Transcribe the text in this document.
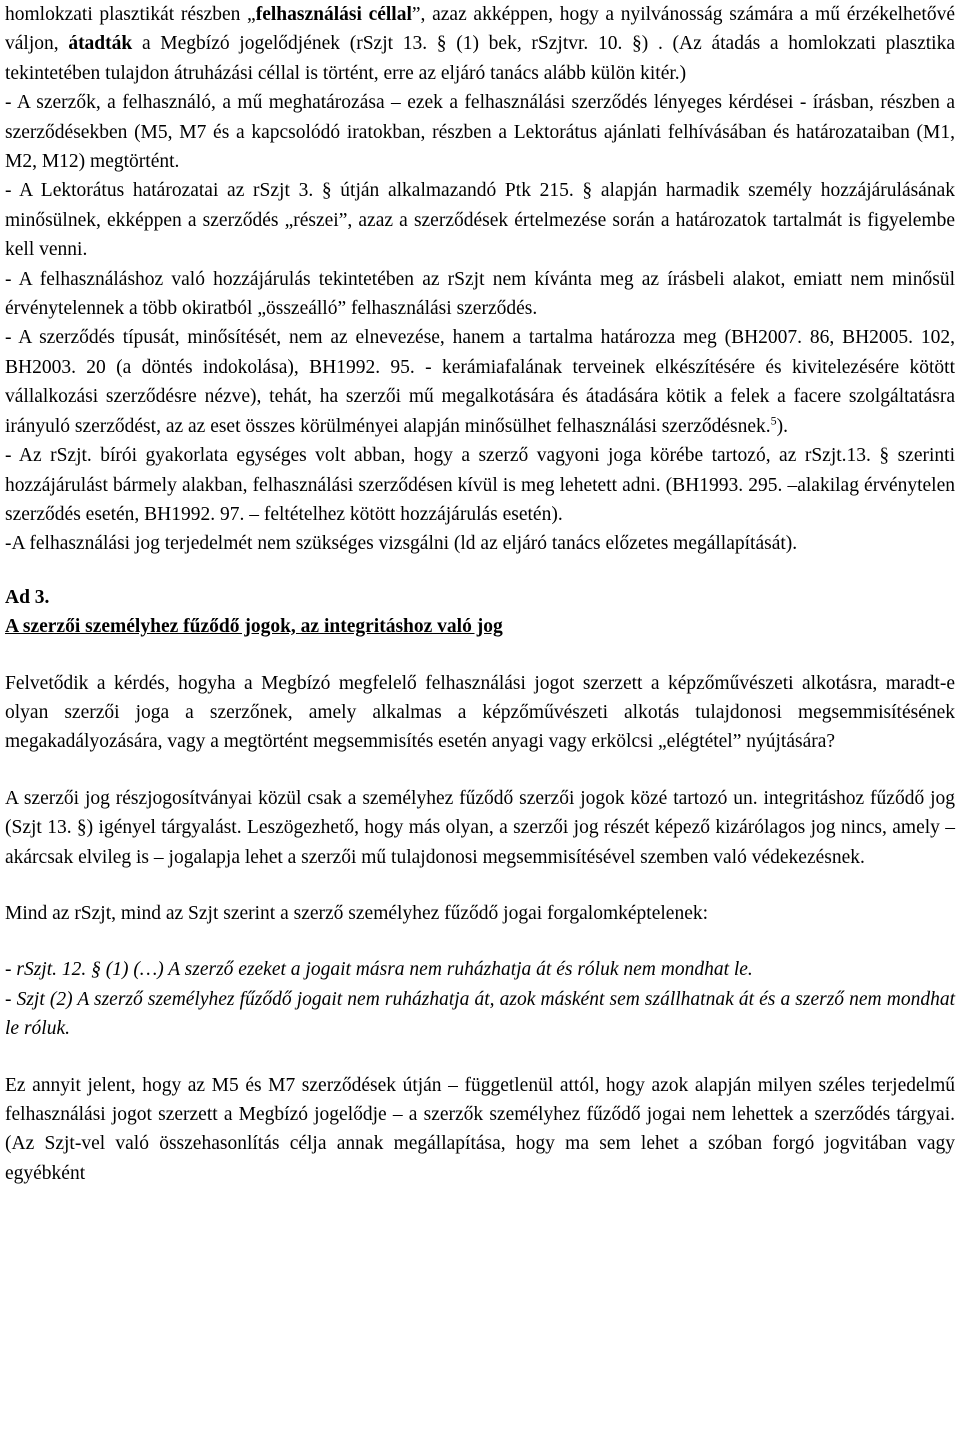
homlokzati plasztikát részben „felhasználási céllal”, azaz akképpen, hogy a nyilvánosság számára a mű érzékelhetővé váljon, átadták a Megbízó jogelődjének (rSzjt 13. § (1) bek, rSzjtvr. 10. §) . (Az átadás a homlokzati plasztika tekintetében tulajdon átruházási céllal is történt, erre az eljáró tanács alább külön kitér.)

- A szerzők, a felhasználó, a mű meghatározása – ezek a felhasználási szerződés lényeges kérdései - írásban, részben a szerződésekben (M5, M7 és a kapcsolódó iratokban, részben a Lektorátus ajánlati felhívásában és határozataiban (M1, M2, M12) megtörtént.

- A Lektorátus határozatai az rSzjt 3. § útján alkalmazandó Ptk 215. § alapján harmadik személy hozzájárulásának minősülnek, ekképpen a szerződés „részei”, azaz a szerződések értelmezése során a határozatok tartalmát is figyelembe kell venni.

- A felhasználáshoz való hozzájárulás tekintetében az rSzjt nem kívánta meg az írásbeli alakot, emiatt nem minősül érvénytelennek a több okiratból „összeálló” felhasználási szerződés.

- A szerződés típusát, minősítését, nem az elnevezése, hanem a tartalma határozza meg (BH2007. 86, BH2005. 102, BH2003. 20 (a döntés indokolása), BH1992. 95. - kerámiafalának terveinek elkészítésére és kivitelezésére kötött vállalkozási szerződésre nézve), tehát, ha szerzői mű megalkotására és átadására kötik a felek a facere szolgáltatásra irányuló szerződést, az az eset összes körülményei alapján minősülhet felhasználási szerződésnek.$^5$).

- Az rSzjt. bírói gyakorlata egységes volt abban, hogy a szerző vagyoni joga körébe tartozó, az rSzjt.13. § szerinti hozzájárulást bármely alakban, felhasználási szerződésen kívül is meg lehetett adni. (BH1993. 295. –alakilag érvénytelen szerződés esetén, BH1992. 97. – feltételhez kötött hozzájárulás esetén).

-A felhasználási jog terjedelmét nem szükséges vizsgálni (ld az eljáró tanács előzetes megállapítását).

Ad 3.

A szerzői személyhez fűződő jogok, az integritáshoz való jog

Felvetődik a kérdés, hogyha a Megbízó megfelelő felhasználási jogot szerzett a képzőművészeti alkotásra, maradt-e olyan szerzői joga a szerzőnek, amely alkalmas a képzőművészeti alkotás tulajdonosi megsemmisítésének megakadályozására, vagy a megtörtént megsemmisítés esetén anyagi vagy erkölcsi „elégtétel” nyújtására?

A szerzői jog részjogosítványai közül csak a személyhez fűződő szerzői jogok közé tartozó un. integritáshoz fűződő jog (Szjt 13. §) igényel tárgyalást. Leszögezhető, hogy más olyan, a szerzői jog részét képező kizárólagos jog nincs, amely –akárcsak elvileg is – jogalapja lehet a szerzői mű tulajdonosi megsemmisítésével szemben való védekezésnek.

Mind az rSzjt, mind az Szjt szerint a szerző személyhez fűződő jogai forgalomképtelenek:

- rSzjt. 12. § (1) (…) A szerző ezeket a jogait másra nem ruházhatja át és róluk nem mondhat le.

- Szjt (2) A szerző személyhez fűződő jogait nem ruházhatja át, azok másként sem szállhatnak át és a szerző nem mondhat le róluk.

Ez annyit jelent, hogy az M5 és M7 szerződések útján – függetlenül attól, hogy azok alapján milyen széles terjedelmű felhasználási jogot szerzett a Megbízó jogelődje – a szerzők személyhez fűződő jogai nem lehettek a szerződés tárgyai. (Az Szjt-vel való összehasonlítás célja annak megállapítása, hogy ma sem lehet a szóban forgó jogvitában vagy egyébként
